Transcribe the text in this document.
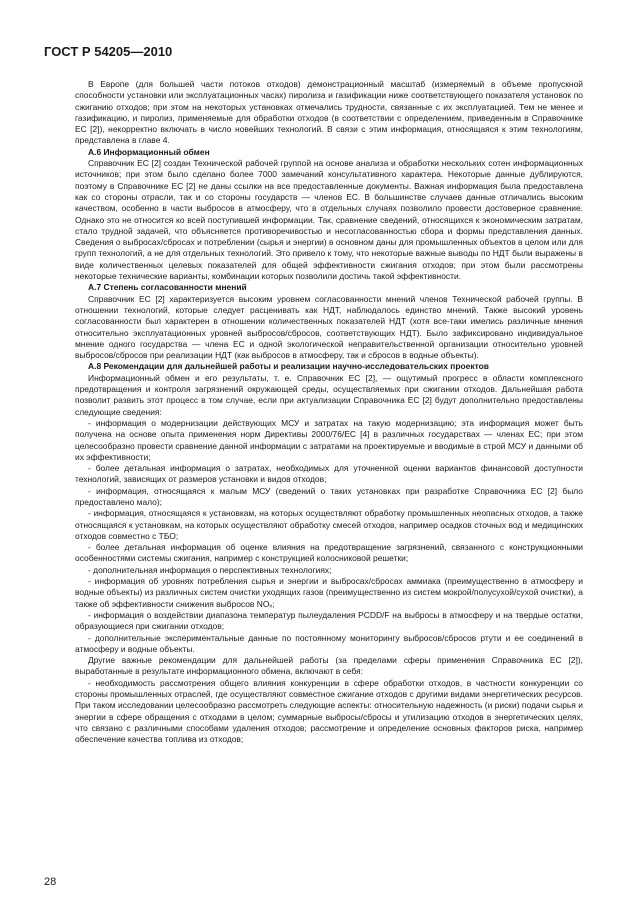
ГОСТ Р 54205—2010

В Европе (для большей части потоков отходов) демонстрационный масштаб (измеряемый в объеме пропускной способности установки или эксплуатационных часах) пиролиза и газификации ниже соответствующего показателя установок по сжиганию отходов; при этом на некоторых установках отмечались трудности, связанные с их эксплуатацией. Тем не менее и газификацию, и пиролиз, применяемые для обработки отходов (в соответствии с определением, приведенным в Справочнике ЕС [2]), некорректно включать в число новейших технологий. В связи с этим информация, относящаяся к этим технологиям, представлена в главе 4.

А.6 Информационный обмен

Справочник ЕС [2] создан Технической рабочей группой на основе анализа и обработки нескольких сотен информационных источников; при этом было сделано более 7000 замечаний консультативного характера. Некоторые данные дублируются, поэтому в Справочнике ЕС [2] не даны ссылки на все предоставленные документы. Важная информация была предоставлена как со стороны отрасли, так и со стороны государств — членов ЕС. В большинстве случаев данные отличались высоким качеством, особенно в части выбросов в атмосферу, что в отдельных случаях позволило провести достоверное сравнение. Однако это не относится ко всей поступившей информации. Так, сравнение сведений, относящихся к экономическим затратам, стало трудной задачей, что объясняется противоречивостью и несогласованностью сбора и формы представления данных. Сведения о выбросах/сбросах и потреблении (сырья и энергии) в основном даны для промышленных объектов в целом или для групп технологий, а не для отдельных технологий. Это привело к тому, что некоторые важные выводы по НДТ были выражены в виде количественных целевых показателей для общей эффективности сжигания отходов; при этом были рассмотрены некоторые технические варианты, комбинации которых позволили достичь такой эффективности.

А.7 Степень согласованности мнений

Справочник ЕС [2] характеризуется высоким уровнем согласованности мнений членов Технической рабочей группы. В отношении технологий, которые следует расценивать как НДТ, наблюдалось единство мнений. Также высокий уровень согласованности был характерен в отношении количественных показателей НДТ (хотя все-таки имелись различные мнения относительно эксплуатационных уровней выбросов/сбросов, соответствующих НДТ). Было зафиксировано индивидуальное мнение одного государства — члена ЕС и одной экологической неправительственной организации относительно уровней выбросов/сбросов при реализации НДТ (как выбросов в атмосферу, так и сбросов в водные объекты).

А.8 Рекомендации для дальнейшей работы и реализации научно-исследовательских проектов

Информационный обмен и его результаты, т. е. Справочник ЕС [2], — ощутимый прогресс в области комплексного предотвращения и контроля загрязнений окружающей среды, осуществляемых при сжигании отходов. Дальнейшая работа позволит развить этот процесс в том случае, если при актуализации Справочника ЕС [2] будут дополнительно предоставлены следующие сведения:

- информация о модернизации действующих МСУ и затратах на такую модернизацию; эта информация может быть получена на основе опыта применения норм Директивы 2000/76/ЕС [4] в различных государствах — членах ЕС; при этом целесообразно провести сравнение данной информации с затратами на проектируемые и вводимые в строй МСУ и данными об их эффективности;

- более детальная информация о затратах, необходимых для уточненной оценки вариантов финансовой доступности технологий, зависящих от размеров установки и видов отходов;

- информация, относящаяся к малым МСУ (сведений о таких установках при разработке Справочника ЕС [2] было предоставлено мало);

- информация, относящаяся к установкам, на которых осуществляют обработку промышленных неопасных отходов, а также относящаяся к установкам, на которых осуществляют обработку смесей отходов, например осадков сточных вод и медицинских отходов совместно с ТБО;

- более детальная информация об оценке влияния на предотвращение загрязнений, связанного с конструкционными особенностями системы сжигания, например с конструкцией колосниковой решетки;

- дополнительная информация о перспективных технологиях;

- информация об уровнях потребления сырья и энергии и выбросах/сбросах аммиака (преимущественно в атмосферу и водные объекты) из различных систем очистки уходящих газов (преимущественно из систем мокрой/полусухой/сухой очистки), а также об эффективности снижения выбросов NOₓ;

- информация о воздействии диапазона температур пылеудаления PCDD/F на выбросы в атмосферу и на твердые остатки, образующиеся при сжигании отходов;

- дополнительные экспериментальные данные по постоянному мониторингу выбросов/сбросов ртути и ее соединений в атмосферу и водные объекты.

Другие важные рекомендации для дальнейшей работы (за пределами сферы применения Справочника ЕС [2]), выработанные в результате информационного обмена, включают в себя:

- необходимость рассмотрения общего влияния конкуренции в сфере обработки отходов, в частности конкуренции со стороны промышленных отраслей, где осуществляют совместное сжигание отходов с другими видами энергетических ресурсов. При таком исследовании целесообразно рассмотреть следующие аспекты: относительную надежность (и риски) подачи сырья и энергии в сфере обращения с отходами в целом; суммарные выбросы/сбросы и утилизацию отходов в энергетических целях, что связано с различными способами удаления отходов; рассмотрение и определение основных факторов риска, например обеспечение качества топлива из отходов;

28
